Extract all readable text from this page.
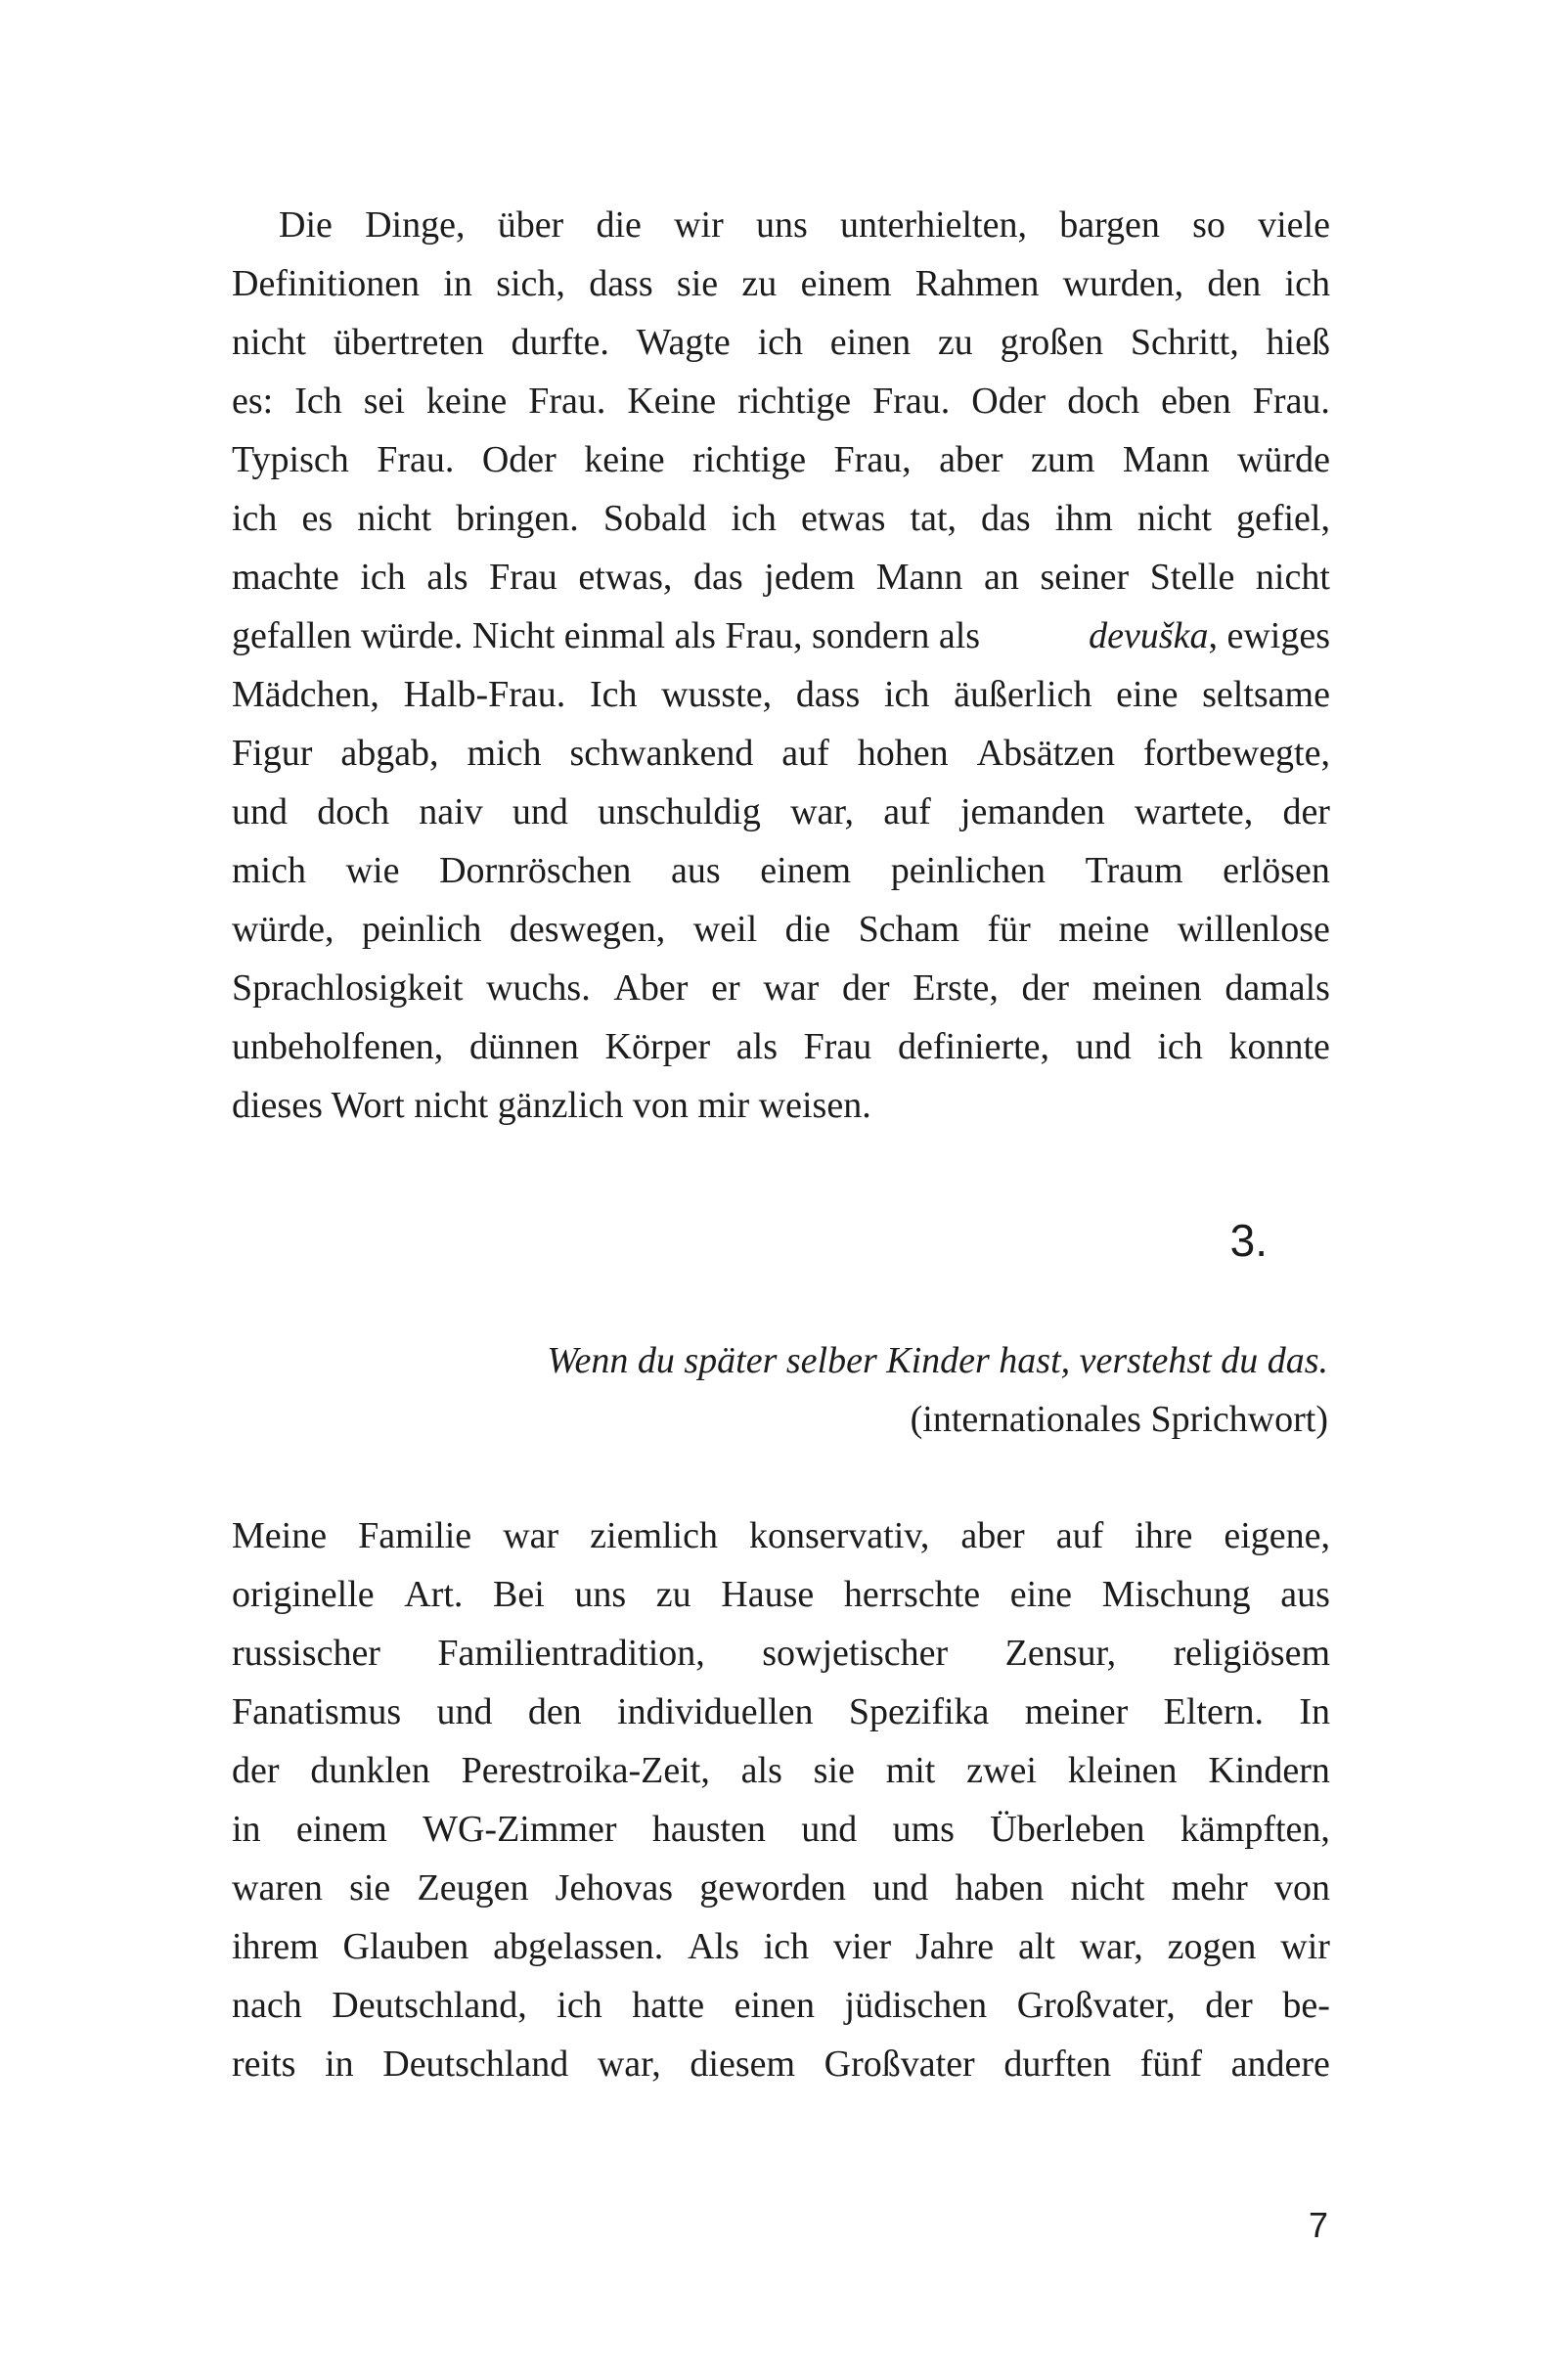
Die Dinge, über die wir uns unterhielten, bargen so viele
Definitionen in sich, dass sie zu einem Rahmen wurden, den ich
nicht übertreten durfte. Wagte ich einen zu großen Schritt, hieß
es: Ich sei keine Frau. Keine richtige Frau. Oder doch eben Frau.
Typisch Frau. Oder keine richtige Frau, aber zum Mann würde
ich es nicht bringen. Sobald ich etwas tat, das ihm nicht gefiel,
machte ich als Frau etwas, das jedem Mann an seiner Stelle nicht
gefallen würde. Nicht einmal als Frau, sondern als	devuška, ewiges
Mädchen, Halb-Frau. Ich wusste, dass ich äußerlich eine seltsame
Figur abgab, mich schwankend auf hohen Absätzen fortbewegte,
und doch naiv und unschuldig war, auf jemanden wartete, der
mich wie Dornröschen aus einem peinlichen Traum erlösen
würde, peinlich deswegen, weil die Scham für meine willenlose
Sprachlosigkeit wuchs. Aber er war der Erste, der meinen damals
unbeholfenen, dünnen Körper als Frau definierte, und ich konnte
dieses Wort nicht gänzlich von mir weisen.
3.
Wenn du später selber Kinder hast, verstehst du das.
(internationales Sprichwort)
Meine Familie war ziemlich konservativ, aber auf ihre eigene,
originelle Art. Bei uns zu Hause herrschte eine Mischung aus
russischer Familientradition, sowjetischer Zensur, religiösem
Fanatismus und den individuellen Spezifika meiner Eltern. In
der dunklen Perestroika-Zeit, als sie mit zwei kleinen Kindern
in einem WG-Zimmer hausten und ums Überleben kämpften,
waren sie Zeugen Jehovas geworden und haben nicht mehr von
ihrem Glauben abgelassen. Als ich vier Jahre alt war, zogen wir
nach Deutschland, ich hatte einen jüdischen Großvater, der be-
reits in Deutschland war, diesem Großvater durften fünf andere
7
